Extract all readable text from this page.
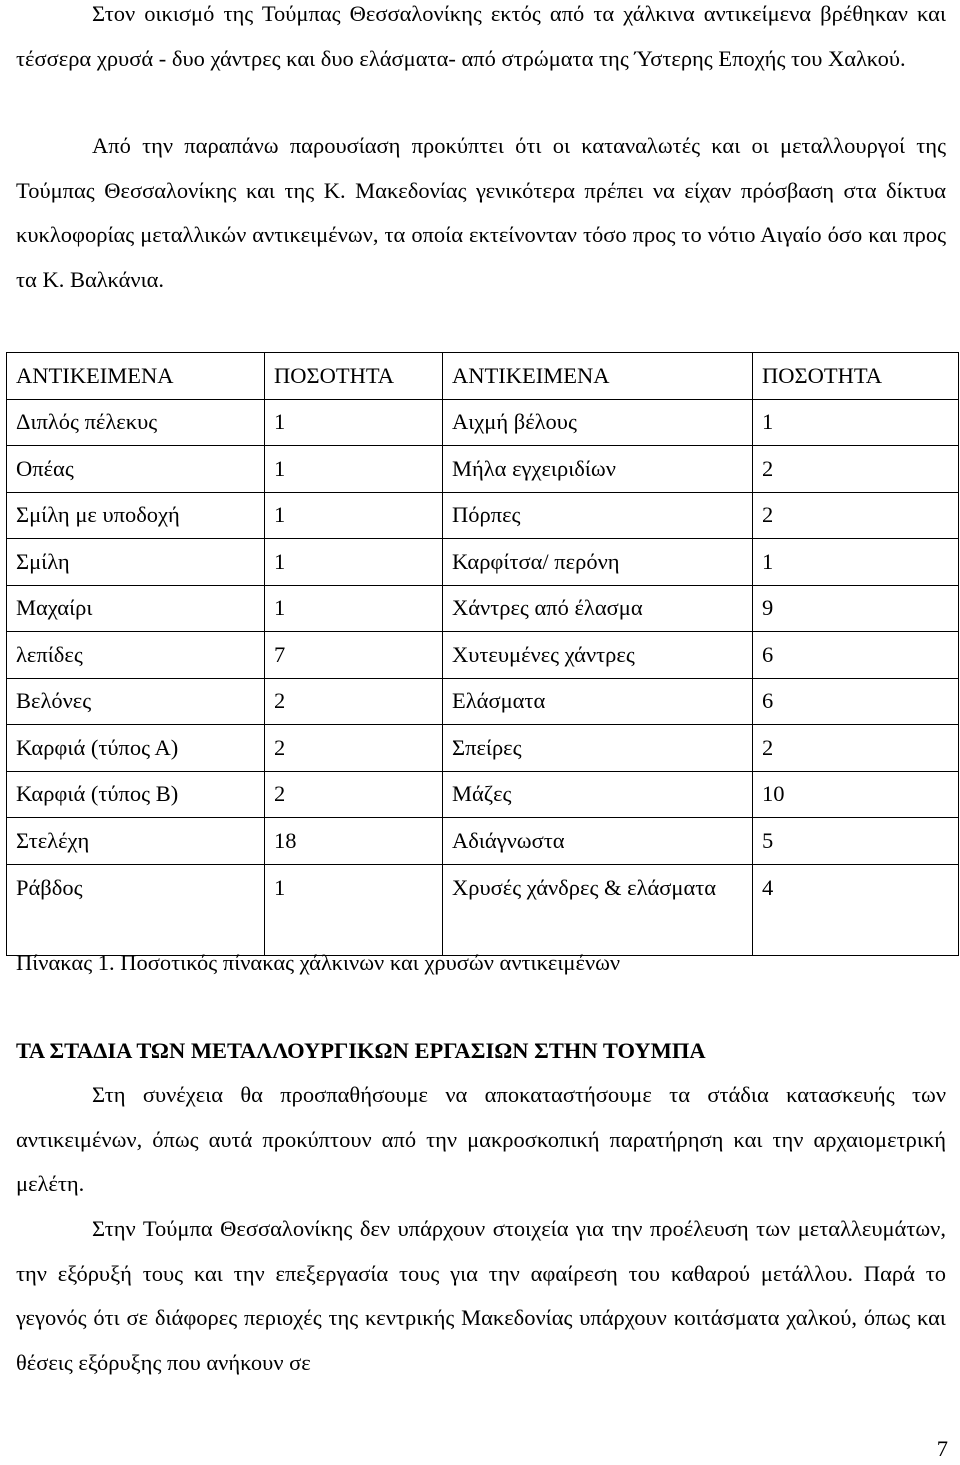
Στον οικισμό της Τούμπας Θεσσαλονίκης εκτός από τα χάλκινα αντικείμενα βρέθηκαν και τέσσερα χρυσά - δυο χάντρες και δυο ελάσματα- από στρώματα της Ύστερης Εποχής του Χαλκού.

Από την παραπάνω παρουσίαση προκύπτει ότι οι καταναλωτές και οι μεταλλουργοί της Τούμπας Θεσσαλονίκης και της Κ. Μακεδονίας γενικότερα πρέπει να είχαν πρόσβαση στα δίκτυα κυκλοφορίας μεταλλικών αντικειμένων, τα οποία εκτείνονταν τόσο προς το νότιο Αιγαίο όσο και προς τα Κ. Βαλκάνια.

ΑΝΤΙΚΕΙΜΕΝΑ	ΠΟΣΟΤΗΤΑ	ΑΝΤΙΚΕΙΜΕΝΑ	ΠΟΣΟΤΗΤΑ
Διπλός πέλεκυς	1	Αιχμή βέλους	1
Οπέας	1	Μήλα εγχειριδίων	2
Σμίλη με υποδοχή	1	Πόρπες	2
Σμίλη	1	Καρφίτσα/ περόνη	1
Μαχαίρι	1	Χάντρες από έλασμα	9
λεπίδες	7	Χυτευμένες χάντρες	6
Βελόνες	2	Ελάσματα	6
Καρφιά (τύπος Α)	2	Σπείρες	2
Καρφιά (τύπος Β)	2	Μάζες	10
Στελέχη	18	Αδιάγνωστα	5
Ράβδος	1	Χρυσές χάνδρες & ελάσματα	4

Πίνακας 1. Ποσοτικός πίνακας χάλκινων και χρυσών αντικειμένων

ΤΑ ΣΤΑΔΙΑ ΤΩΝ ΜΕΤΑΛΛΟΥΡΓΙΚΩΝ ΕΡΓΑΣΙΩΝ ΣΤΗΝ ΤΟΥΜΠΑ

Στη συνέχεια θα προσπαθήσουμε να αποκαταστήσουμε τα στάδια κατασκευής των αντικειμένων, όπως αυτά προκύπτουν από την μακροσκοπική παρατήρηση και την αρχαιομετρική μελέτη.

Στην Τούμπα Θεσσαλονίκης δεν υπάρχουν στοιχεία για την προέλευση των μεταλλευμάτων, την εξόρυξή τους και την επεξεργασία τους για την αφαίρεση του καθαρού μετάλλου. Παρά το γεγονός ότι σε διάφορες περιοχές της κεντρικής Μακεδονίας υπάρχουν κοιτάσματα χαλκού, όπως και θέσεις εξόρυξης που ανήκουν σε

7
